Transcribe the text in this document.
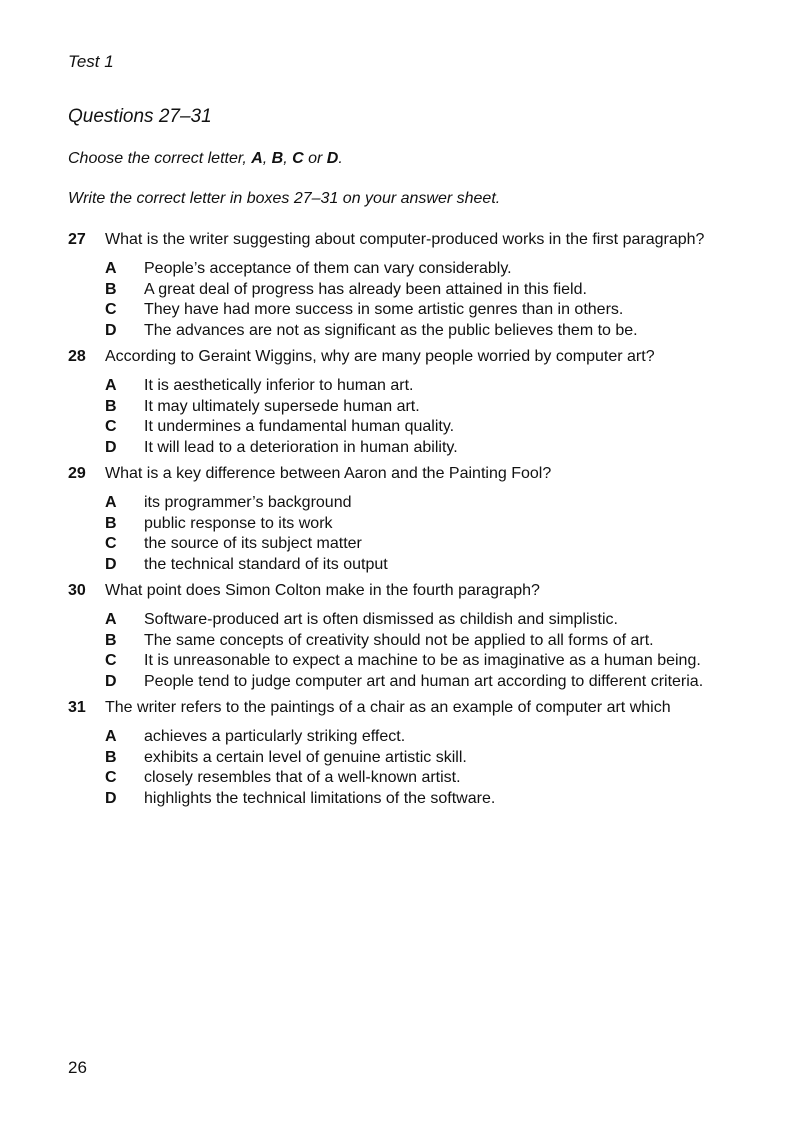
Test 1
Questions 27–31
Choose the correct letter, A, B, C or D.
Write the correct letter in boxes 27–31 on your answer sheet.
27	What is the writer suggesting about computer-produced works in the first paragraph?
A	People’s acceptance of them can vary considerably.
B	A great deal of progress has already been attained in this field.
C	They have had more success in some artistic genres than in others.
D	The advances are not as significant as the public believes them to be.
28	According to Geraint Wiggins, why are many people worried by computer art?
A	It is aesthetically inferior to human art.
B	It may ultimately supersede human art.
C	It undermines a fundamental human quality.
D	It will lead to a deterioration in human ability.
29	What is a key difference between Aaron and the Painting Fool?
A	its programmer’s background
B	public response to its work
C	the source of its subject matter
D	the technical standard of its output
30	What point does Simon Colton make in the fourth paragraph?
A	Software-produced art is often dismissed as childish and simplistic.
B	The same concepts of creativity should not be applied to all forms of art.
C	It is unreasonable to expect a machine to be as imaginative as a human being.
D	People tend to judge computer art and human art according to different criteria.
31	The writer refers to the paintings of a chair as an example of computer art which
A	achieves a particularly striking effect.
B	exhibits a certain level of genuine artistic skill.
C	closely resembles that of a well-known artist.
D	highlights the technical limitations of the software.
26
